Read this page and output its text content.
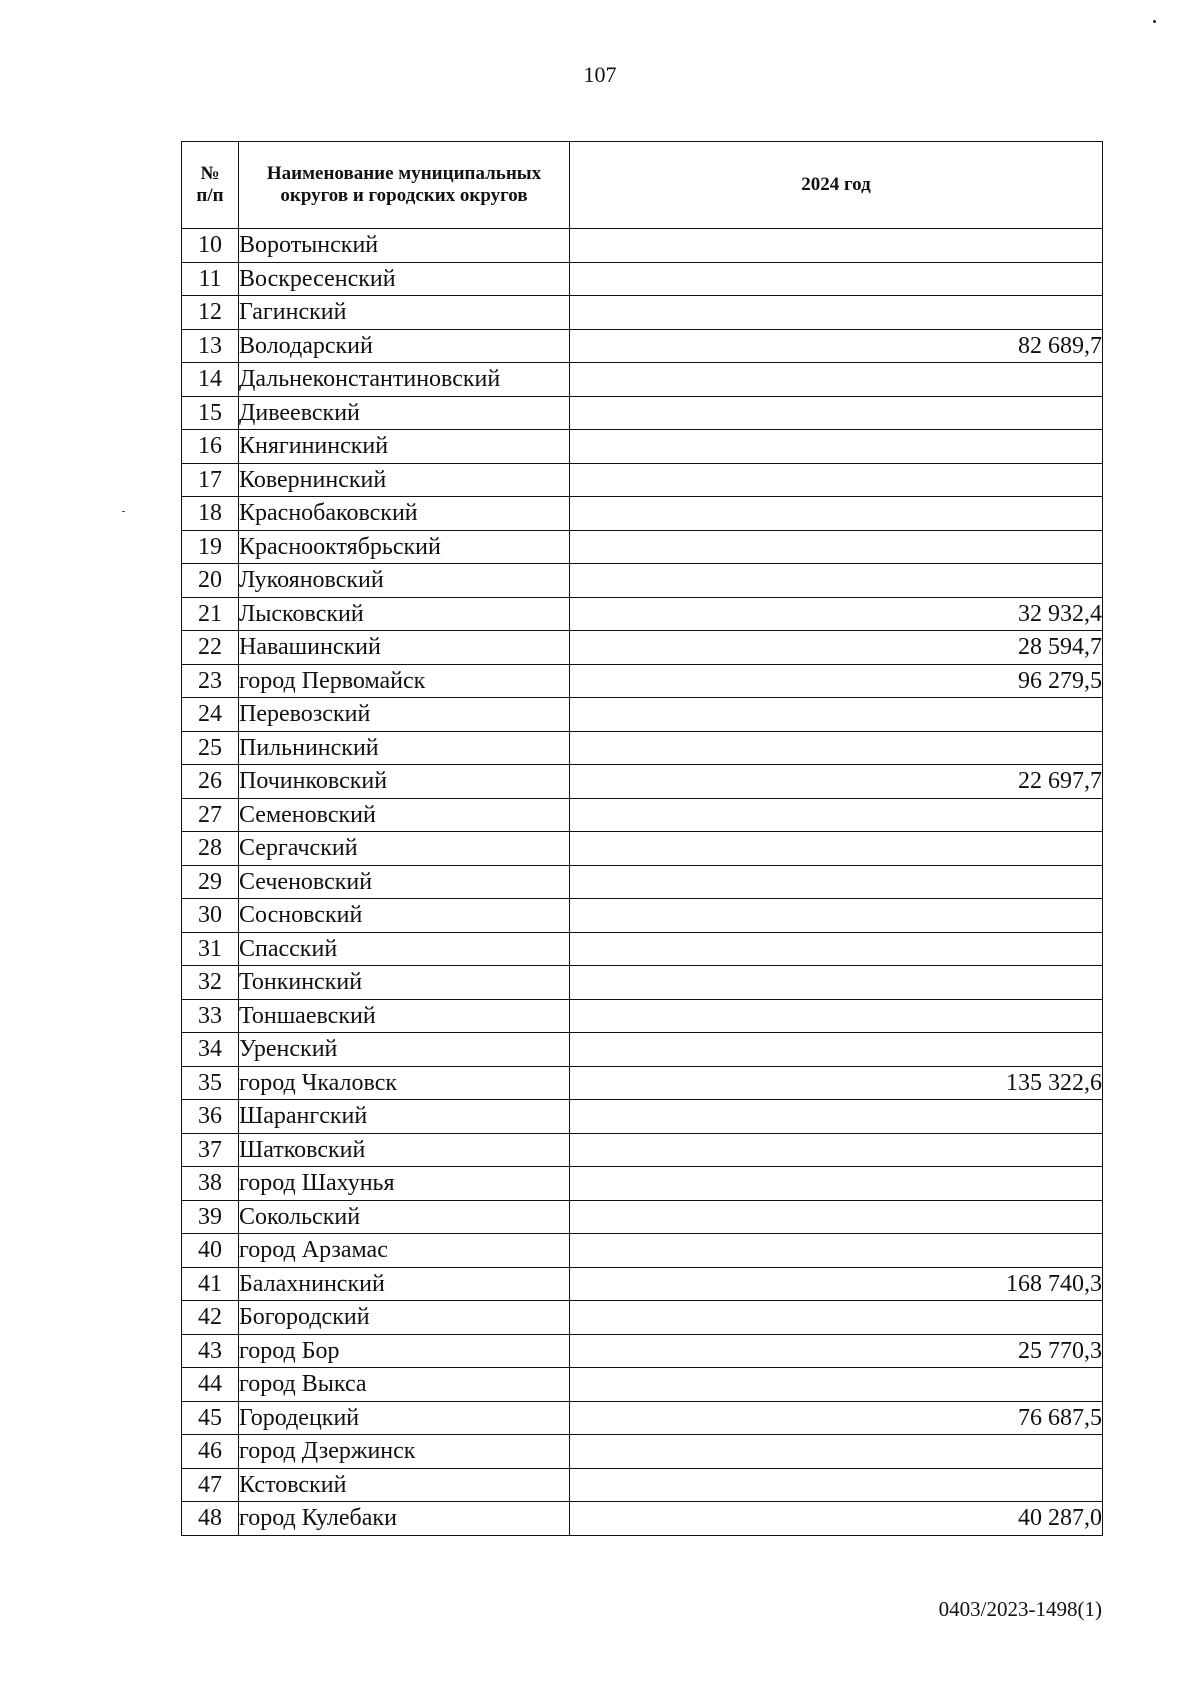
107
№ п/п	Наименование муниципальных округов и городских округов	2024 год
10	Воротынский	
11	Воскресенский	
12	Гагинский	
13	Володарский	82 689,7
14	Дальнеконстантиновский	
15	Дивеевский	
16	Княгининский	
17	Ковернинский	
18	Краснобаковский	
19	Краснооктябрьский	
20	Лукояновский	
21	Лысковский	32 932,4
22	Навашинский	28 594,7
23	город Первомайск	96 279,5
24	Перевозский	
25	Пильнинский	
26	Починковский	22 697,7
27	Семеновский	
28	Сергачский	
29	Сеченовский	
30	Сосновский	
31	Спасский	
32	Тонкинский	
33	Тоншаевский	
34	Уренский	
35	город Чкаловск	135 322,6
36	Шарангский	
37	Шатковский	
38	город Шахунья	
39	Сокольский	
40	город Арзамас	
41	Балахнинский	168 740,3
42	Богородский	
43	город Бор	25 770,3
44	город Выкса	
45	Городецкий	76 687,5
46	город Дзержинск	
47	Кстовский	
48	город Кулебаки	40 287,0
0403/2023-1498(1)
